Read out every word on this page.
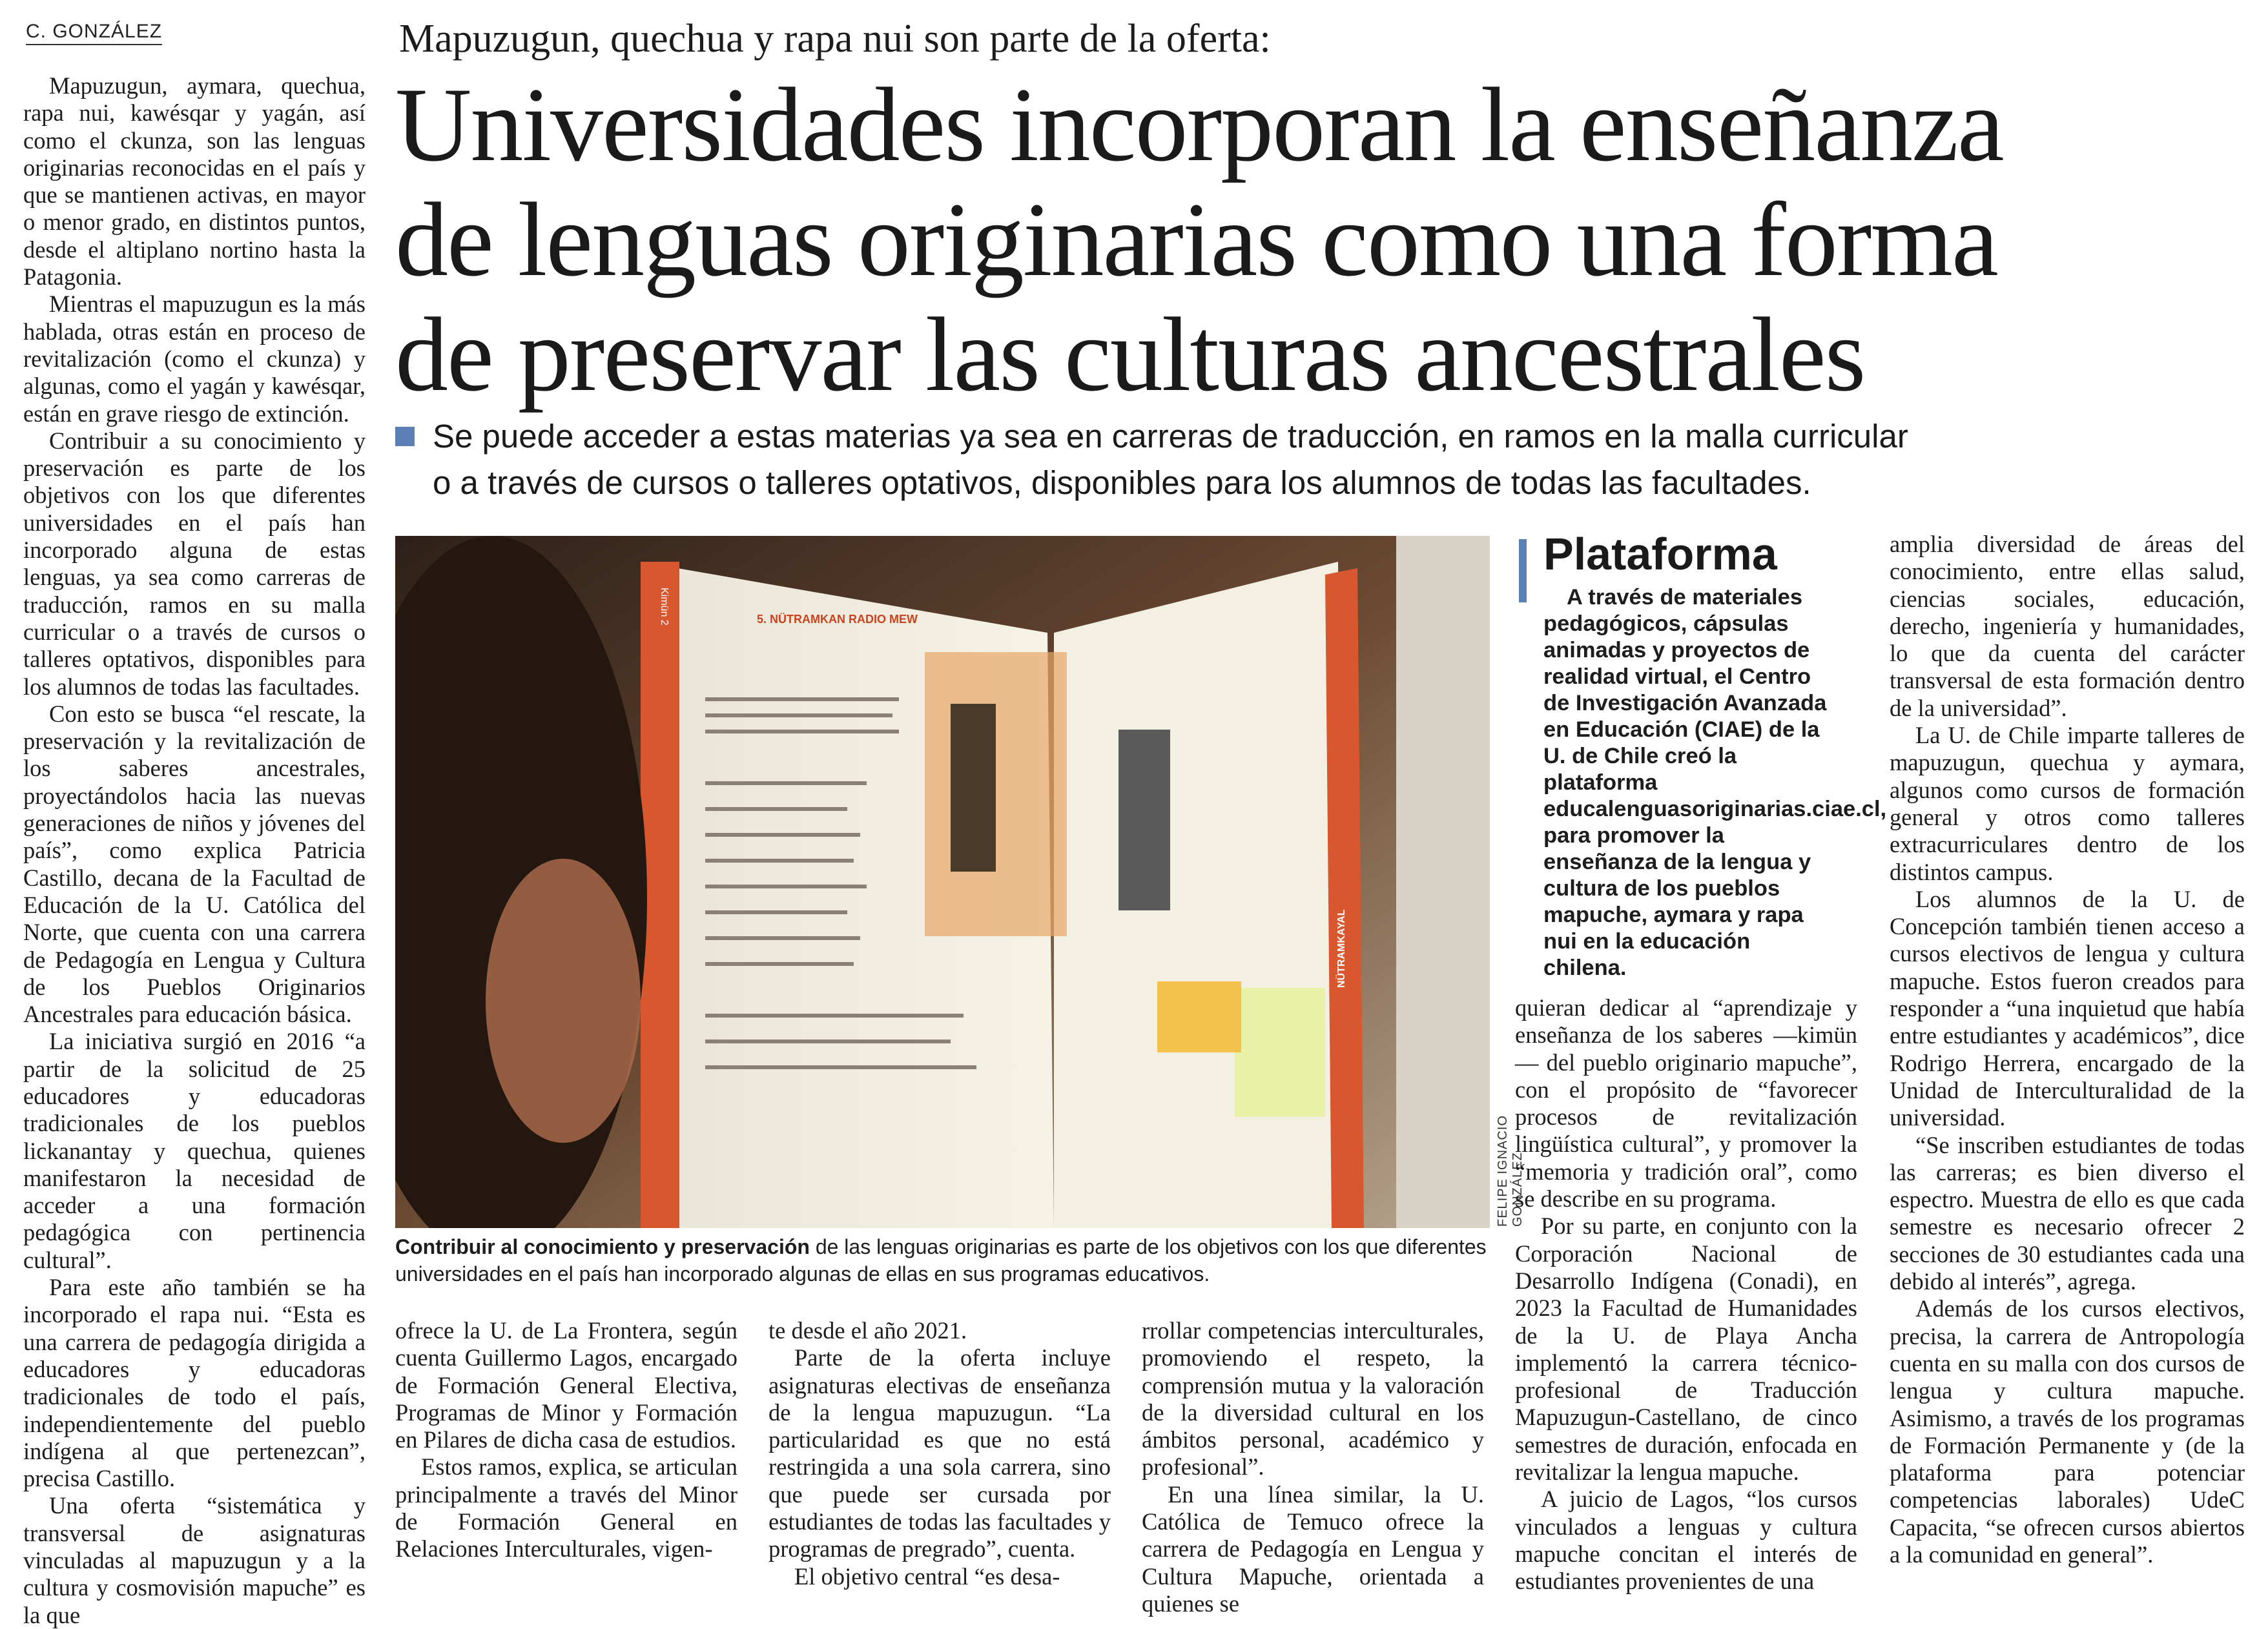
C. GONZÁLEZ	Mapuzugun, quechua y rapa nui son parte de la oferta:
Universidades incorporan la enseñanza
de lenguas originarias como una forma
de preservar las culturas ancestrales
Se puede acceder a estas materias ya sea en carreras de traducción, en ramos en la malla curricular
o a través de cursos o talleres optativos, disponibles para los alumnos de todas las facultades.

Mapuzugun, aymara, quechua, rapa nui, kawésqar y yagán, así como el ckunza, son las lenguas originarias reconocidas en el país y que se mantienen activas, en mayor o menor grado, en distintos puntos, desde el altiplano nortino hasta la Patagonia.

Mientras el mapuzugun es la más hablada, otras están en proceso de revitalización (como el ckunza) y algunas, como el yagán y kawésqar, están en grave riesgo de extinción.

Contribuir a su conocimiento y preservación es parte de los objetivos con los que diferentes universidades en el país han incorporado alguna de estas lenguas, ya sea como carreras de traducción, ramos en su malla curricular o a través de cursos o talleres optativos, disponibles para los alumnos de todas las facultades.

Con esto se busca “el rescate, la preservación y la revitalización de los saberes ancestrales, proyectándolos hacia las nuevas generaciones de niños y jóvenes del país”, como explica Patricia Castillo, decana de la Facultad de Educación de la U. Católica del Norte, que cuenta con una carrera de Pedagogía en Lengua y Cultura de los Pueblos Originarios Ancestrales para educación básica.

La iniciativa surgió en 2016 “a partir de la solicitud de 25 educadores y educadoras tradicionales de los pueblos lickanantay y quechua, quienes manifestaron la necesidad de acceder a una formación pedagógica con pertinencia cultural”.

Para este año también se ha incorporado el rapa nui. “Esta es una carrera de pedagogía dirigida a educadores y educadoras tradicionales de todo el país, independientemente del pueblo indígena al que pertenezcan”, precisa Castillo.

Una oferta “sistemática y transversal de asignaturas vinculadas al mapuzugun y a la cultura y cosmovisión mapuche” es la que

5. NÜTRAMKAN RADIO MEW
Kimün 2
NÜTRAMKAYAL
FELIPE IGNACIO GONZÁLEZ
Contribuir al conocimiento y preservación de las lenguas originarias es parte de los objetivos con los que diferentes universidades en el país han incorporado algunas de ellas en sus programas educativos.
Plataforma

A través de materiales pedagógicos, cápsulas animadas y proyectos de realidad virtual, el Centro de Investigación Avanzada en Educación (CIAE) de la U. de Chile creó la plataforma educalenguasoriginarias.ciae.cl, para promover la enseñanza de la lengua y cultura de los pueblos mapuche, aymara y rapa nui en la educación chilena.

ofrece la U. de La Frontera, según cuenta Guillermo Lagos, encargado de Formación General Electiva, Programas de Minor y Formación en Pilares de dicha casa de estudios.

Estos ramos, explica, se articulan principalmente a través del Minor de Formación General en Relaciones Interculturales, vigen-

te desde el año 2021.

Parte de la oferta incluye asignaturas electivas de enseñanza de la lengua mapuzugun. “La particularidad es que no está restringida a una sola carrera, sino que puede ser cursada por estudiantes de todas las facultades y programas de pregrado”, cuenta.

El objetivo central “es desa-

rrollar competencias interculturales, promoviendo el respeto, la comprensión mutua y la valoración de la diversidad cultural en los ámbitos personal, académico y profesional”.

En una línea similar, la U. Católica de Temuco ofrece la carrera de Pedagogía en Lengua y Cultura Mapuche, orientada a quienes se

quieran dedicar al “aprendizaje y enseñanza de los saberes —kimün— del pueblo originario mapuche”, con el propósito de “favorecer procesos de revitalización lingüística cultural”, y promover la “memoria y tradición oral”, como se describe en su programa.

Por su parte, en conjunto con la Corporación Nacional de Desarrollo Indígena (Conadi), en 2023 la Facultad de Humanidades de la U. de Playa Ancha implementó la carrera técnico-profesional de Traducción Mapuzugun-Castellano, de cinco semestres de duración, enfocada en revitalizar la lengua mapuche.

A juicio de Lagos, “los cursos vinculados a lenguas y cultura mapuche concitan el interés de estudiantes provenientes de una

amplia diversidad de áreas del conocimiento, entre ellas salud, ciencias sociales, educación, derecho, ingeniería y humanidades, lo que da cuenta del carácter transversal de esta formación dentro de la universidad”.

La U. de Chile imparte talleres de mapuzugun, quechua y aymara, algunos como cursos de formación general y otros como talleres extracurriculares dentro de los distintos campus.

Los alumnos de la U. de Concepción también tienen acceso a cursos electivos de lengua y cultura mapuche. Estos fueron creados para responder a “una inquietud que había entre estudiantes y académicos”, dice Rodrigo Herrera, encargado de la Unidad de Interculturalidad de la universidad.

“Se inscriben estudiantes de todas las carreras; es bien diverso el espectro. Muestra de ello es que cada semestre es necesario ofrecer 2 secciones de 30 estudiantes cada una debido al interés”, agrega.

Además de los cursos electivos, precisa, la carrera de Antropología cuenta en su malla con dos cursos de lengua y cultura mapuche. Asimismo, a través de los programas de Formación Permanente y (de la plataforma para potenciar competencias laborales) UdeC Capacita, “se ofrecen cursos abiertos a la comunidad en general”.
